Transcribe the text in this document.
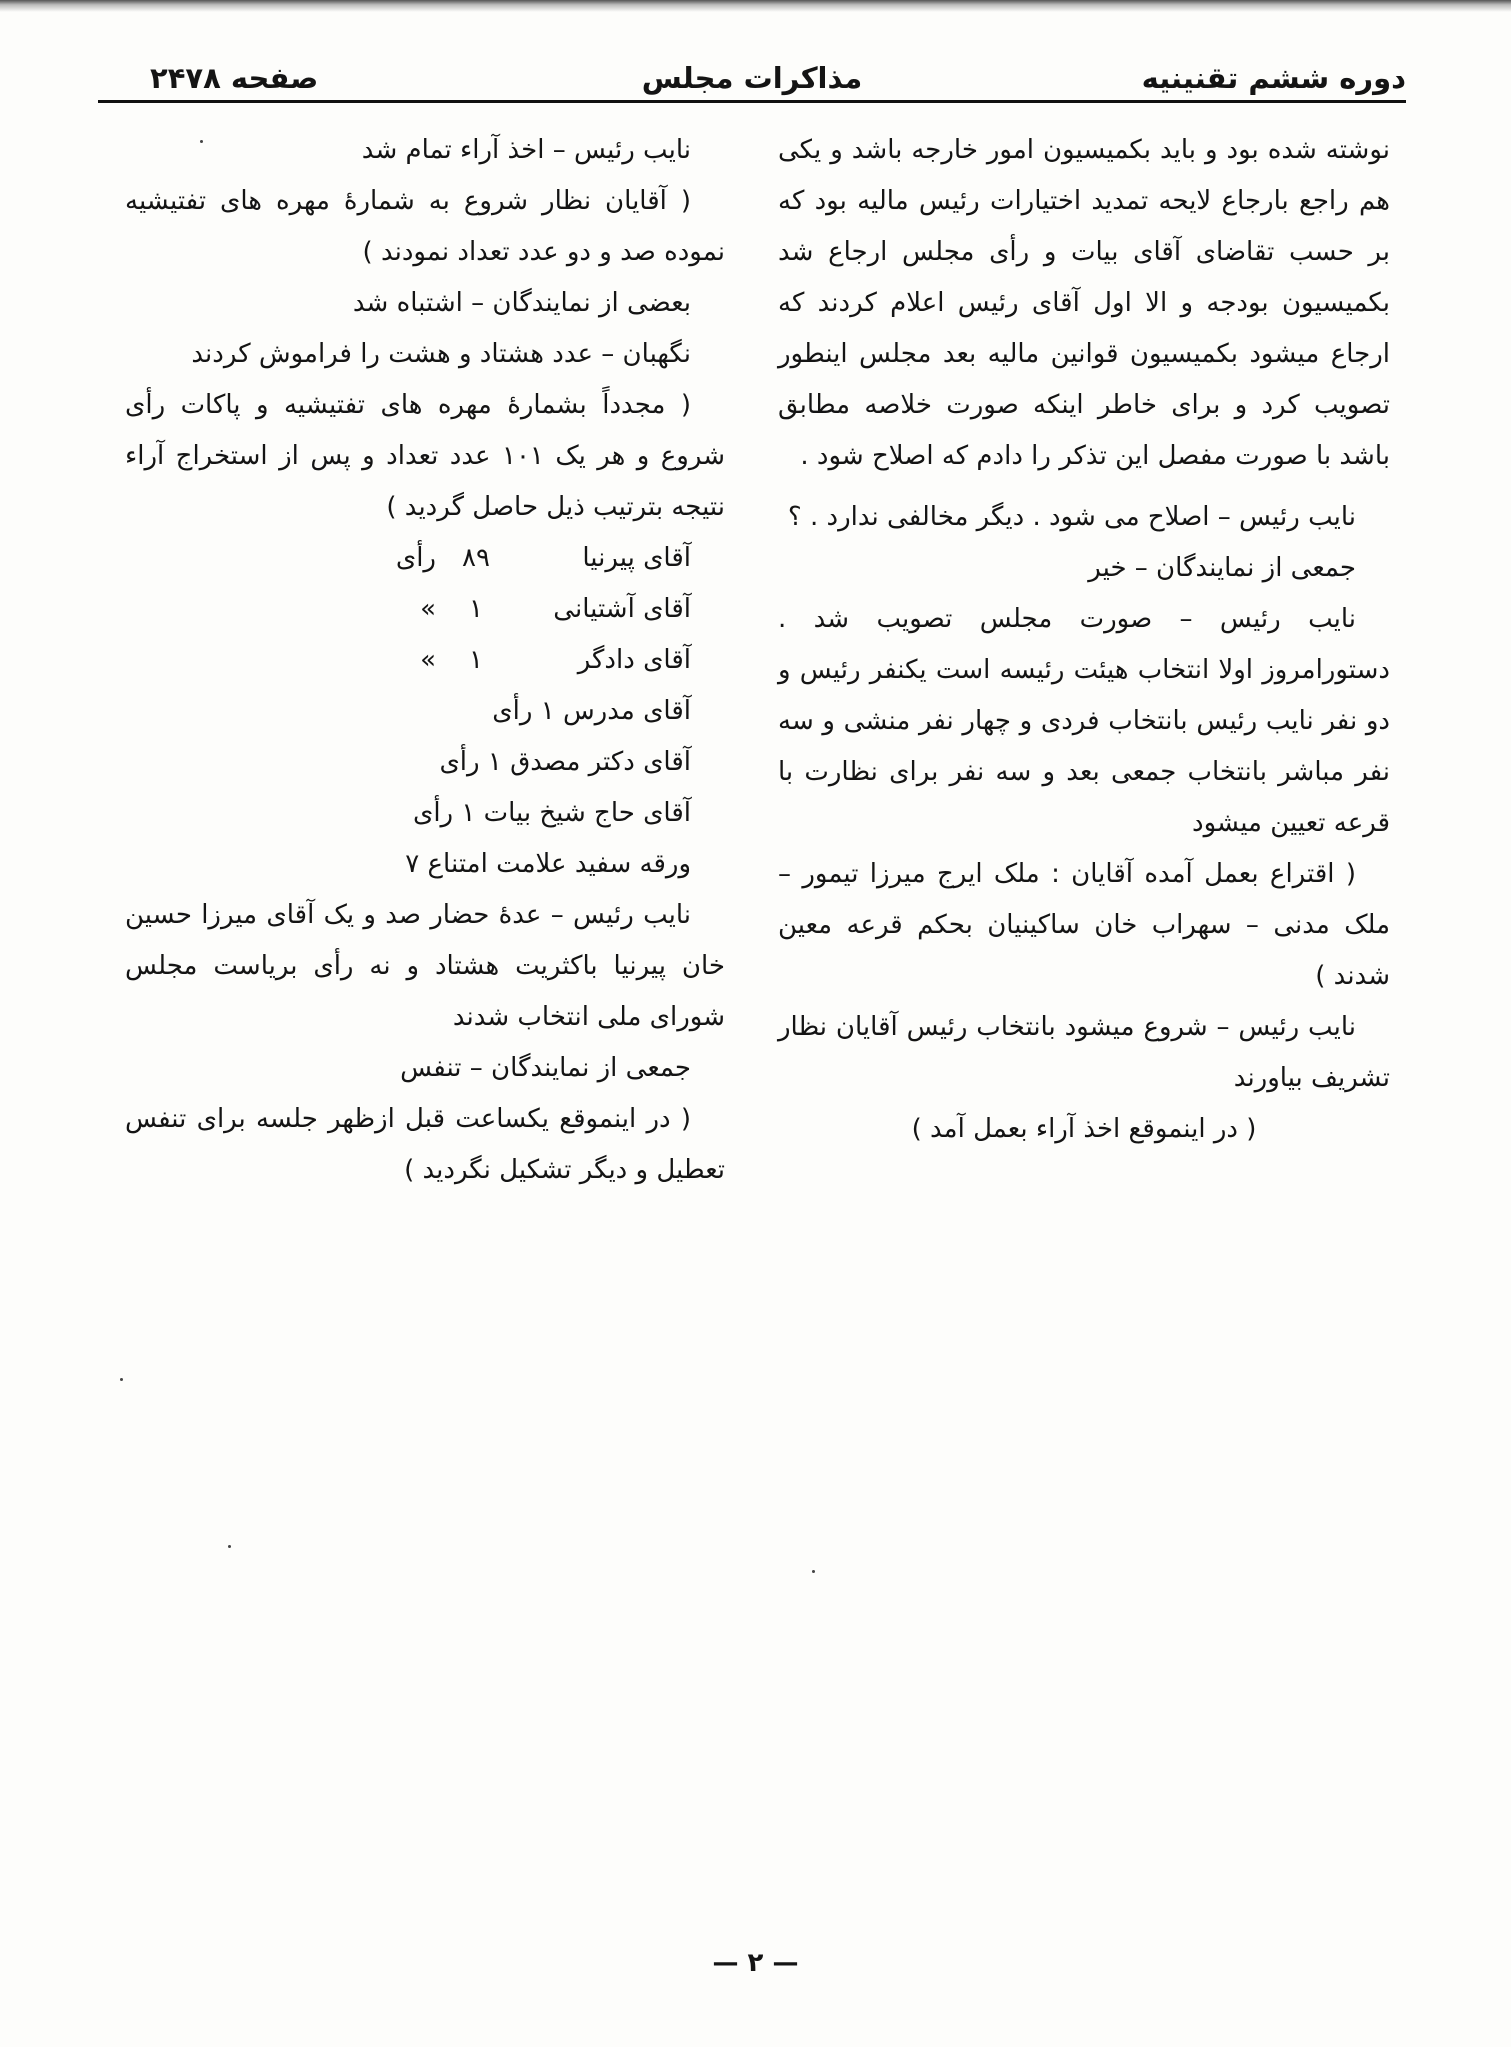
دوره ششم تقنینیه
مذاکرات مجلس
صفحه ۲۴۷۸

نوشته شده بود و باید بکمیسیون امور خارجه باشد و یکی هم راجع بارجاع لایحه تمدید اختیارات رئیس مالیه بود که بر حسب تقاضای آقای بیات و رأی مجلس ارجاع شد بکمیسیون بودجه و الا اول آقای رئیس اعلام کردند که ارجاع میشود بکمیسیون قوانین مالیه بعد مجلس اینطور تصویب کرد و برای خاطر اینکه صورت خلاصه مطابق باشد با صورت مفصل این تذکر را دادم که اصلاح شود .

نایب رئیس – اصلاح می شود . دیگر مخالفی ندارد . ؟

جمعی از نمایندگان – خیر

نایب رئیس – صورت مجلس تصویب شد . دستورامروز اولا انتخاب هیئت رئیسه است یکنفر رئیس و دو نفر نایب رئیس بانتخاب فردی و چهار نفر منشی و سه نفر مباشر بانتخاب جمعی بعد و سه نفر برای نظارت با قرعه تعیین میشود

( اقتراع بعمل آمده آقایان : ملک ایرج میرزا تیمور – ملک مدنی – سهراب خان ساکینیان بحکم قرعه معین شدند )

نایب رئیس – شروع میشود بانتخاب رئیس آقایان نظار تشریف بیاورند

( در اینموقع اخذ آراء بعمل آمد )

نایب رئیس – اخذ آراء تمام شد

( آقایان نظار شروع به شمارهٔ مهره های تفتیشیه نموده صد و دو عدد تعداد نمودند )

بعضی از نمایندگان – اشتباه شد

نگهبان – عدد هشتاد و هشت را فراموش کردند

( مجدداً بشمارهٔ مهره های تفتیشیه و پاکات رأی شروع و هر یک ۱۰۱ عدد تعداد و پس از استخراج آراء نتیجه بترتیب ذیل حاصل گردید )

آقای پیرنیا۸۹رأی
آقای آشتیانی۱»
آقای دادگر۱»
آقای مدرس ۱ رأی
آقای دکتر مصدق ۱ رأی
آقای حاج شیخ بیات ۱ رأی
ورقه سفید علامت امتناع ۷

نایب رئیس – عدهٔ حضار صد و یک آقای میرزا حسین خان پیرنیا باکثریت هشتاد و نه رأی بریاست مجلس شورای ملی انتخاب شدند

جمعی از نمایندگان – تنفس

( در اینموقع یکساعت قبل ازظهر جلسه برای تنفس تعطیل و دیگر تشکیل نگردید )

— ۲ —
